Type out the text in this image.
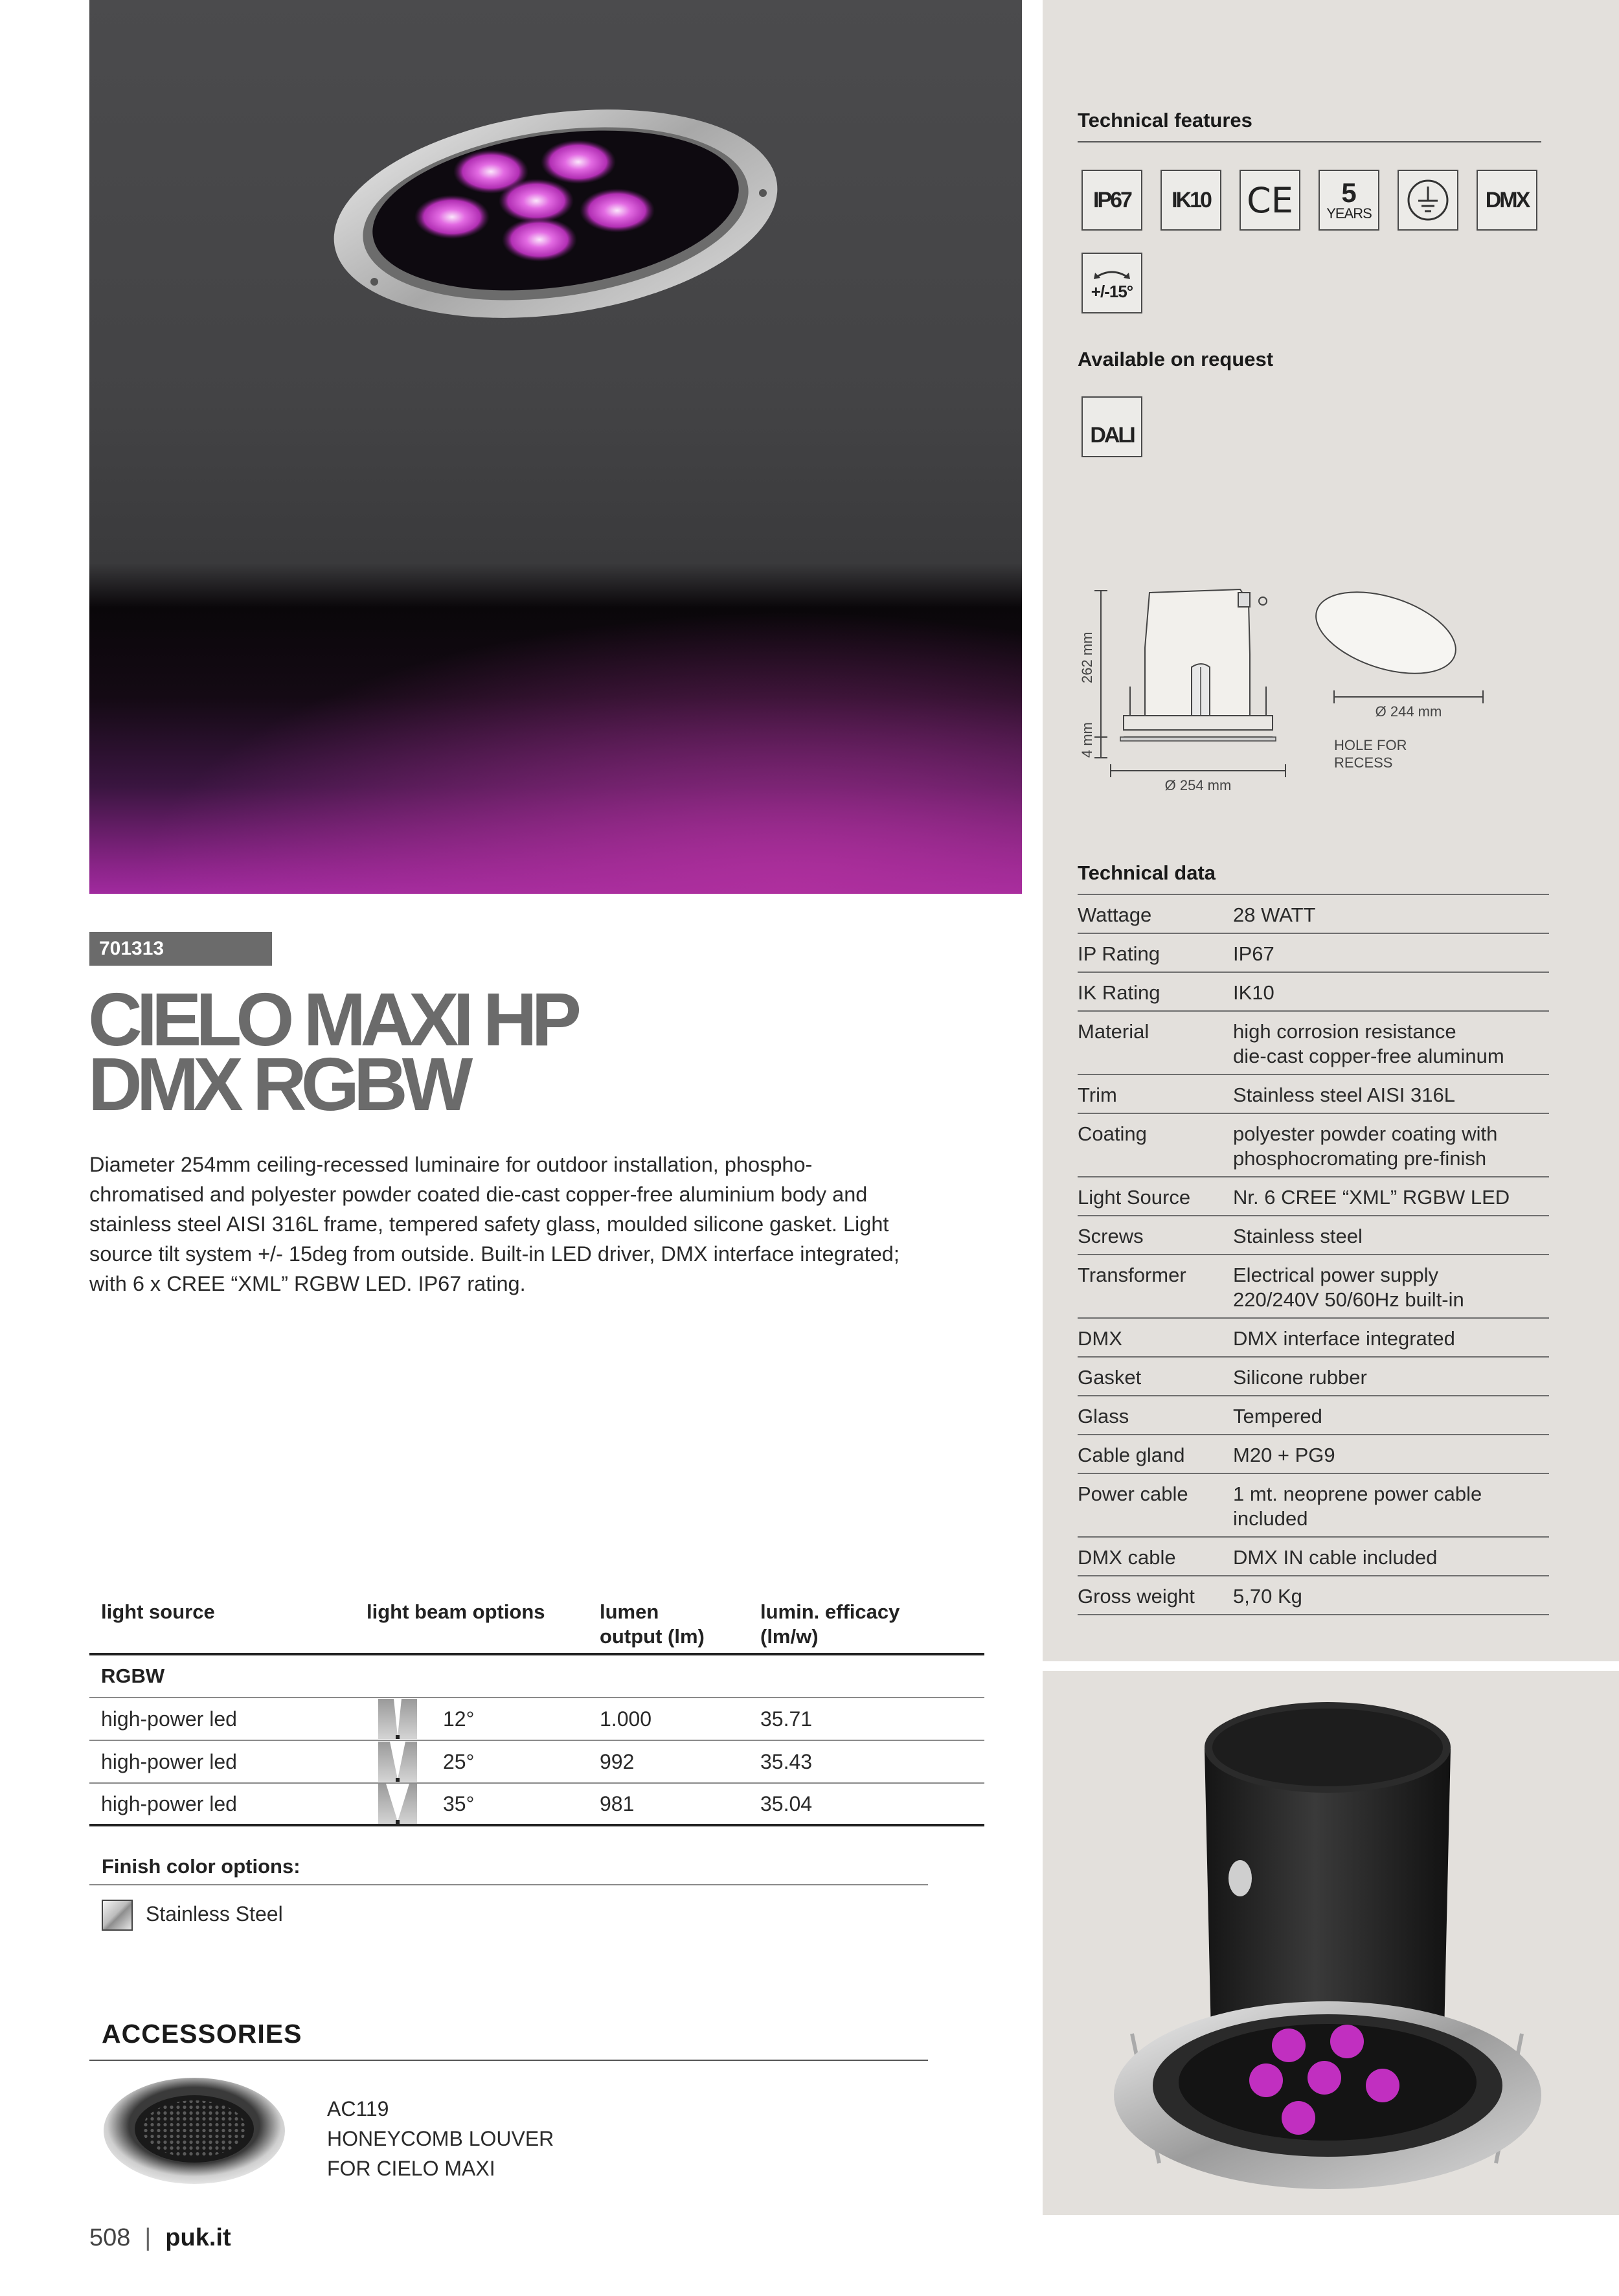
Technical features
IP67 IK10 CE 5
YEARS
DMX
+/-15°
Available on request
DALI
262 mm
4 mm
Ø 254 mm
Ø 244 mm
HOLE FOR
RECESS
Technical data
Wattage	28 WATT
IP Rating	IP67
IK Rating	IK10
Material	high corrosion resistance
die-cast copper-free aluminum
Trim	Stainless steel AISI 316L
Coating	polyester powder coating with
phosphocromating pre-finish
Light Source	Nr. 6 CREE “XML” RGBW LED
Screws	Stainless steel
Transformer	Electrical power supply
220/240V 50/60Hz built-in
DMX	DMX interface integrated
Gasket	Silicone rubber
Glass	Tempered
Cable gland	M20 + PG9
Power cable	1 mt. neoprene power cable
included
DMX cable	DMX IN cable included
Gross weight	5,70 Kg
701313
CIELO MAXI HP
DMX RGBW
Diameter 254mm ceiling-recessed luminaire for outdoor installation, phospho-chromatised and polyester powder coated die-cast copper-free aluminium body and stainless steel AISI 316L frame, tempered safety glass, moulded silicone gasket. Light source tilt system +/- 15deg from outside. Built-in LED driver, DMX interface integrated; with 6 x CREE “XML” RGBW LED. IP67 rating.
light source	light beam options	lumen
output (lm)
lumin. efficacy
(lm/w)
RGBW
high-power led	12°	1.000	35.71
high-power led	25°	992	35.43
high-power led	35°	981	35.04
Finish color options:
Stainless Steel
ACCESSORIES
AC119
HONEYCOMB LOUVER
FOR CIELO MAXI
508 | puk.it
